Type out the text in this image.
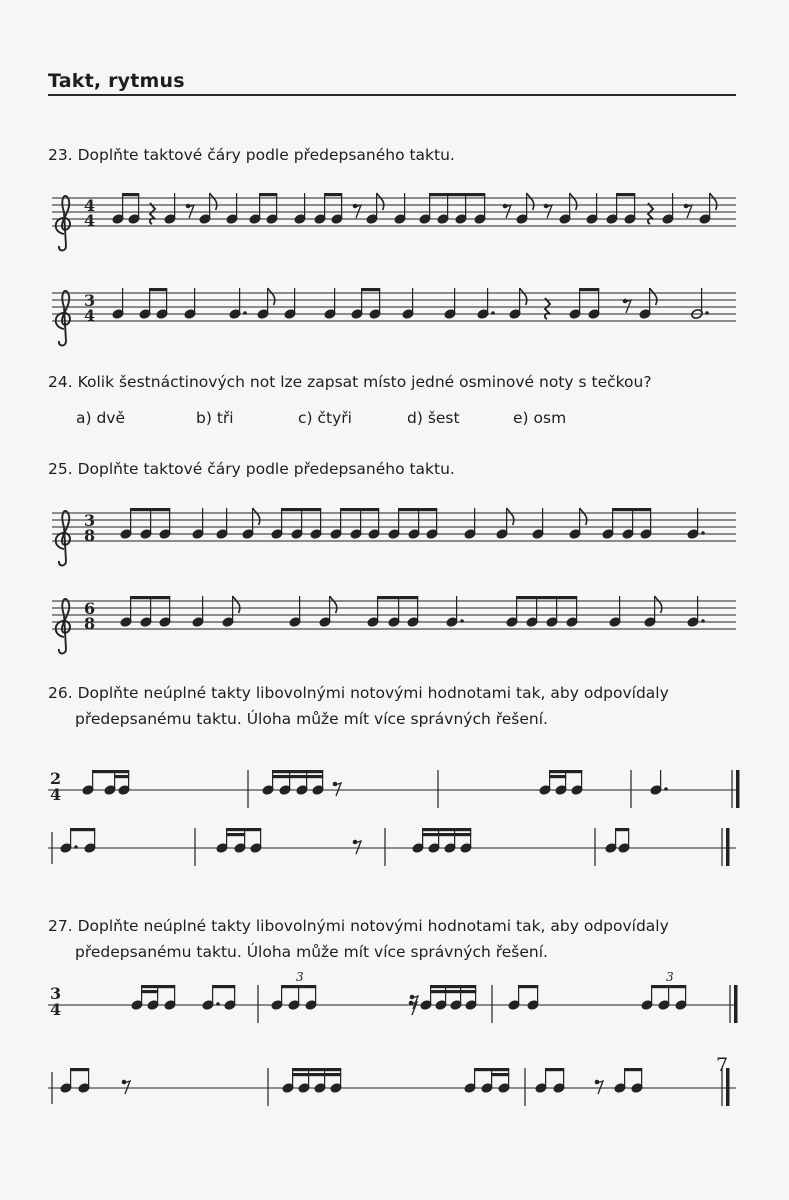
Takt, rytmus
23. Doplňte taktové čáry podle předepsaného taktu.
4
4
3
4
24. Kolik šestnáctinových not lze zapsat místo jedné osminové noty s tečkou?
a) dvě	b) tři	c) čtyři	d) šest	e) osm
25. Doplňte taktové čáry podle předepsaného taktu.
3
8
6
8
26. Doplňte neúplné takty libovolnými notovými hodnotami tak, aby odpovídaly
předepsanému taktu. Úloha může mít více správných řešení.
2
4
27. Doplňte neúplné takty libovolnými notovými hodnotami tak, aby odpovídaly
předepsanému taktu. Úloha může mít více správných řešení.
3
4
3	3
7
